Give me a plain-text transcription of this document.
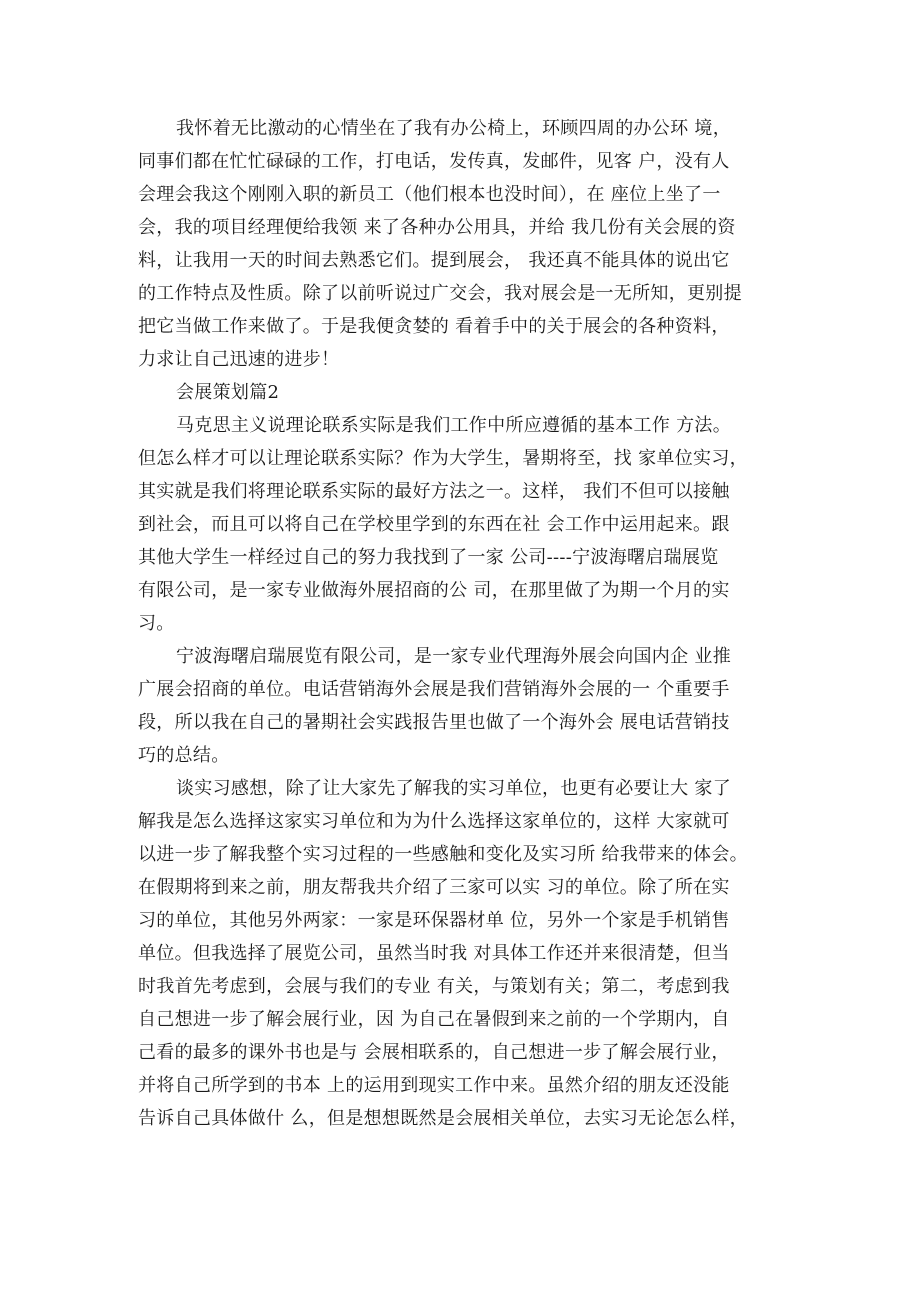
我怀着无比激动的心情坐在了我有办公椅上，环顾四周的办公环 境，
同事们都在忙忙碌碌的工作，打电话，发传真，发邮件，见客 户，没有人
会理会我这个刚刚入职的新员工（他们根本也没时间），在 座位上坐了一
会，我的项目经理便给我领 来了各种办公用具，并给 我几份有关会展的资
料，让我用一天的时间去熟悉它们。提到展会， 我还真不能具体的说出它
的工作特点及性质。除了以前听说过广交会，我对展会是一无所知，更别提
把它当做工作来做了。于是我便贪婪的 看着手中的关于展会的各种资料，
力求让自己迅速的进步！
会展策划篇2
马克思主义说理论联系实际是我们工作中所应遵循的基本工作 方法。
但怎么样才可以让理论联系实际？作为大学生，暑期将至，找 家单位实习，
其实就是我们将理论联系实际的最好方法之一。这样， 我们不但可以接触
到社会，而且可以将自己在学校里学到的东西在社 会工作中运用起来。跟
其他大学生一样经过自己的努力我找到了一家 公司----宁波海曙启瑞展览
有限公司，是一家专业做海外展招商的公 司，在那里做了为期一个月的实
习。
宁波海曙启瑞展览有限公司，是一家专业代理海外展会向国内企 业推
广展会招商的单位。电话营销海外会展是我们营销海外会展的一 个重要手
段，所以我在自己的暑期社会实践报告里也做了一个海外会 展电话营销技
巧的总结。
谈实习感想，除了让大家先了解我的实习单位，也更有必要让大 家了
解我是怎么选择这家实习单位和为为什么选择这家单位的，这样 大家就可
以进一步了解我整个实习过程的一些感触和变化及实习所 给我带来的体会。
在假期将到来之前，朋友帮我共介绍了三家可以实 习的单位。除了所在实
习的单位，其他另外两家：一家是环保器材单 位，另外一个家是手机销售
单位。但我选择了展览公司，虽然当时我 对具体工作还并来很清楚，但当
时我首先考虑到，会展与我们的专业 有关，与策划有关；第二，考虑到我
自己想进一步了解会展行业，因 为自己在暑假到来之前的一个学期内，自
己看的最多的课外书也是与 会展相联系的，自己想进一步了解会展行业，
并将自己所学到的书本 上的运用到现实工作中来。虽然介绍的朋友还没能
告诉自己具体做什 么，但是想想既然是会展相关单位，去实习无论怎么样，
